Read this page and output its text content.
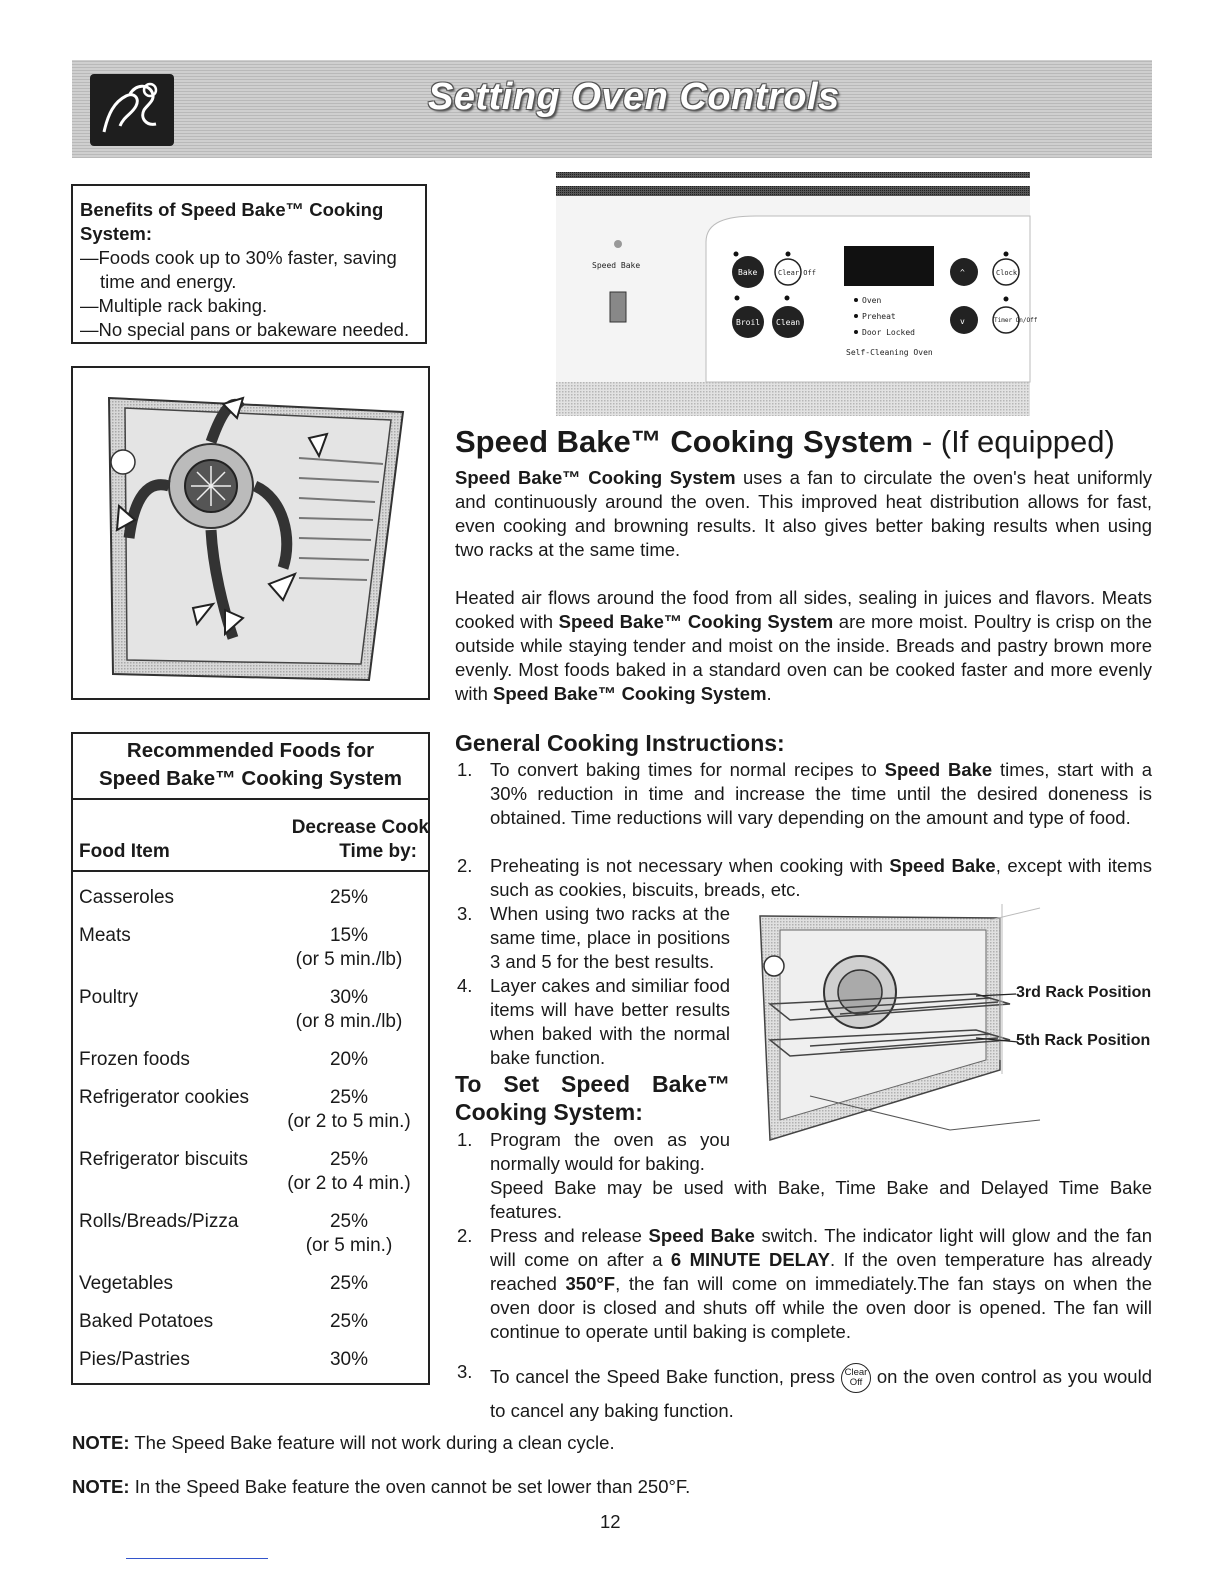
Setting Oven Controls
Benefits of Speed Bake™ Cooking System:
—Foods cook up to 30% faster, saving time and energy.
—Multiple rack baking.
—No special pans or bakeware needed.
Speed Bake
Bake	Clear Off
Broil Clean
Clock
^
v	Timer On/Off
Oven
Preheat
Door Locked
Self-Cleaning Oven
Speed Bake™ Cooking System - (If equipped)
Speed Bake™ Cooking System uses a fan to circulate the oven's heat uniformly and continuously around the oven. This improved heat distribution allows for fast, even cooking and browning results. It also gives better baking results when using two racks at the same time.
Heated air flows around the food from all sides, sealing in juices and flavors. Meats cooked with Speed Bake™ Cooking System are more moist. Poultry is crisp on the outside while staying tender and moist on the inside. Breads and pastry brown more evenly. Most foods baked in a standard oven can be cooked faster and more evenly with Speed Bake™ Cooking System.
Recommended Foods for
Speed Bake™ Cooking System
Decrease Cook
Time by:
Food Item
Casseroles	25%
Meats	15%
(or 5 min./lb)
Poultry	30%
(or 8 min./lb)
Frozen foods	20%
Refrigerator cookies	25%
(or 2 to 5 min.)
Refrigerator biscuits	25%
(or 2 to 4 min.)
Rolls/Breads/Pizza	25%
(or 5 min.)
Vegetables	25%
Baked Potatoes	25%
Pies/Pastries	30%
General Cooking Instructions:
1. To convert baking times for normal recipes to Speed Bake times, start with a 30% reduction in time and increase the time until the desired doneness is obtained. Time reductions will vary depending on the amount and type of food.
2. Preheating is not necessary when cooking with Speed Bake, except with items such as cookies, biscuits, breads, etc.
3. When using two racks at the same time, place in positions 3 and 5 for the best results.
4. Layer cakes and similiar food items will have better results when baked with the normal bake function.
3rd Rack Position
5th Rack Position
To Set Speed Bake™ Cooking System:
1. Program the oven as you normally would for baking.
Speed Bake may be used with Bake, Time Bake and Delayed Time Bake features.
2. Press and release Speed Bake switch. The indicator light will glow and the fan will come on after a 6 MINUTE DELAY. If the oven temperature has already reached 350°F, the fan will come on immediately.The fan stays on when the oven door is closed and shuts off while the oven door is opened. The fan will continue to operate until baking is complete.
3. To cancel the Speed Bake function, press Clear Off on the oven control as you would to cancel any baking function.
NOTE: The Speed Bake feature will not work during a clean cycle.
NOTE: In the Speed Bake feature the oven cannot be set lower than 250°F.
12
